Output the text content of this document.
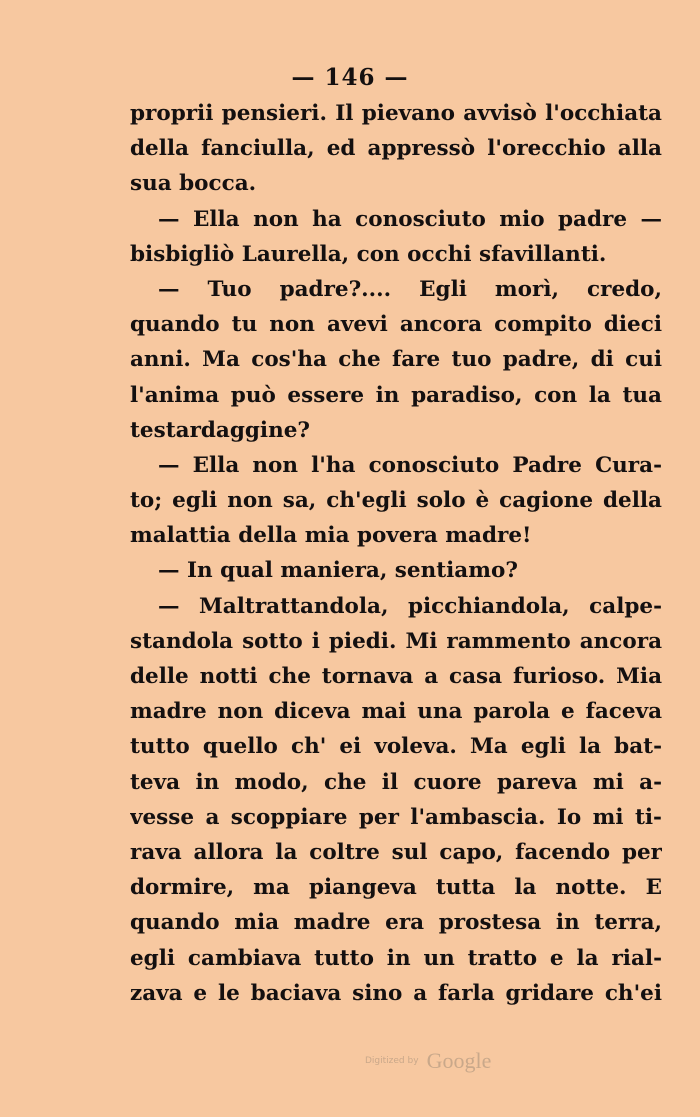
— 146 —
proprii pensieri. Il pievano avvisò l'occhiata
della fanciulla, ed appressò l'orecchio alla
sua bocca.
— Ella non ha conosciuto mio padre —
bisbigliò Laurella, con occhi sfavillanti.
— Tuo padre?.... Egli morì, credo,
quando tu non avevi ancora compito dieci
anni. Ma cos'ha che fare tuo padre, di cui
l'anima può essere in paradiso, con la tua
testardaggine?
— Ella non l'ha conosciuto Padre Cura-
to; egli non sa, ch'egli solo è cagione della
malattia della mia povera madre!
— In qual maniera, sentiamo?
— Maltrattandola, picchiandola, calpe-
standola sotto i piedi. Mi rammento ancora
delle notti che tornava a casa furioso. Mia
madre non diceva mai una parola e faceva
tutto quello ch' ei voleva. Ma egli la bat-
teva in modo, che il cuore pareva mi a-
vesse a scoppiare per l'ambascia. Io mi ti-
rava allora la coltre sul capo, facendo per
dormire, ma piangeva tutta la notte. E
quando mia madre era prostesa in terra,
egli cambiava tutto in un tratto e la rial-
zava e le baciava sino a farla gridare ch'ei
Digitized by Google
